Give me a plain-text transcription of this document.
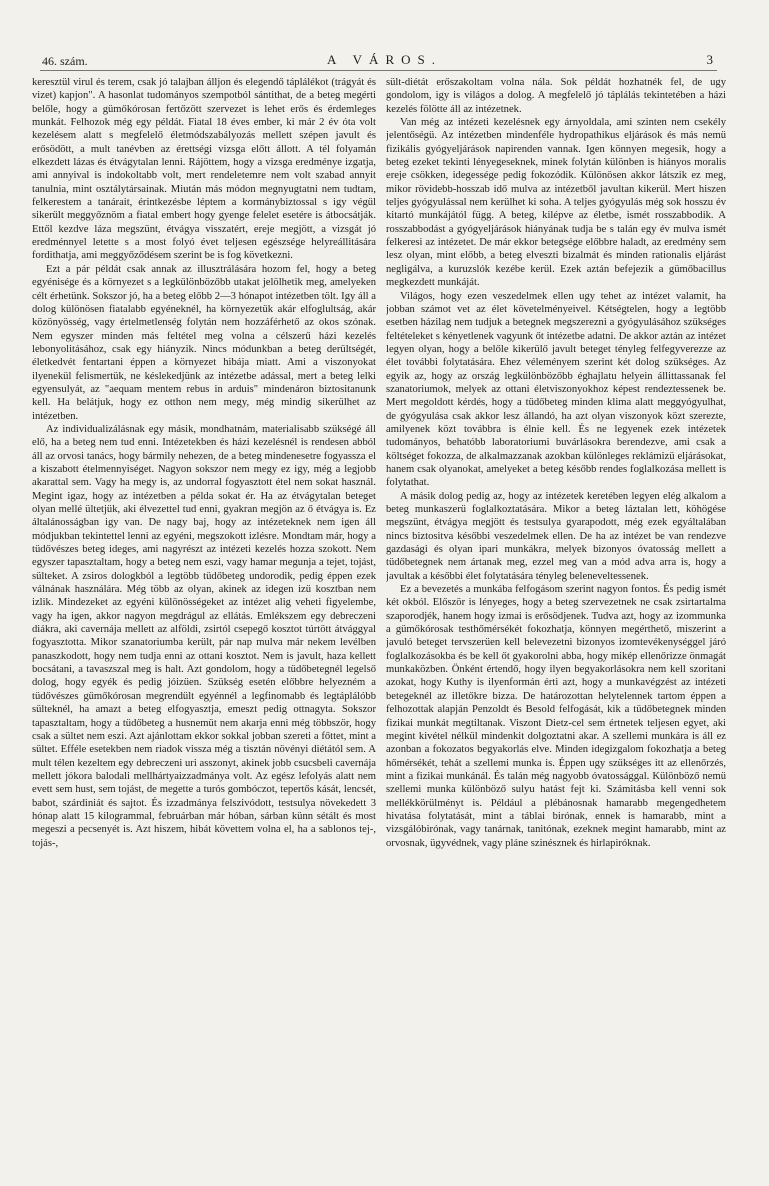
46. szám.	A VÁROS.	3

keresztül virul és terem, csak jó talajban álljon és elegendő táplálékot (trágyát és vizet) kapjon". A hasonlat tudományos szempotból sántithat, de a beteg megérti belőle, hogy a gümőkórosan fertőzött szervezet is lehet erős és érdemleges munkát. Felhozok még egy példát. Fiatal 18 éves ember, ki már 2 év óta volt kezelésem alatt s megfelelő életmódszabályozás mellett szépen javult és erősödött, a mult tanévben az érettségi vizsga előtt állott. A tél folyamán elkezdett lázas és étvágytalan lenni. Rájöttem, hogy a vizsga eredménye izgatja, ami annyival is indokoltabb volt, mert rendeletemre nem volt szabad annyit tanulnia, mint osztálytársainak. Miután más módon megnyugtatni nem tudtam, felkerestem a tanárait, érintkezésbe léptem a kormánybiztossal s igy végül sikerült meggyőznöm a fiatal embert hogy gyenge felelet esetére is átbocsátják. Ettől kezdve láza megszünt, étvágya visszatért, ereje megjött, a vizsgát jó eredménnyel letette s a most folyó évet teljesen egészsége helyreállitására fordithatja, ami meggyőződésem szerint be is fog következni.

Ezt a pár példát csak annak az illusztrálására hozom fel, hogy a beteg egyénisége és a környezet s a legkülönbözőbb utakat jelölhetik meg, amelyeken célt érhetünk. Sokszor jó, ha a beteg előbb 2—3 hónapot intézetben tölt. Igy áll a dolog különösen fiatalabb egyéneknél, ha környezetük akár elfoglultság, akár közönyösség, vagy értelmetlenség folytán nem hozzáférhető az okos szónak. Nem egyszer minden más feltétel meg volna a célszerű házi kezelés lebonyolitásához, csak egy hiányzik. Nincs módunkban a beteg derültségét, életkedvét fentartani éppen a környezet hibája miatt. Ami a viszonyokat ilyenekül felismertük, ne késlekedjünk az intézetbe adással, mert a beteg lelki egyensulyát, az "aequam mentem rebus in arduis" mindenáron biztositanunk kell. Ha belátjuk, hogy ez otthon nem megy, még mindig sikerülhet az intézetben.

Az individualizálásnak egy másik, mondhatnám, materialisabb szükségé áll elő, ha a beteg nem tud enni. Intézetekben és házi kezelésnél is rendesen abból áll az orvosi tanács, hogy bármily nehezen, de a beteg mindenesetre fogyassza el a kiszabott ételmennyiséget. Nagyon sokszor nem megy ez igy, még a legjobb akarattal sem. Vagy ha megy is, az undorral fogyasztott étel nem sokat használ. Megint igaz, hogy az intézetben a példa sokat ér. Ha az étvágytalan beteget olyan mellé ültetjük, aki élvezettel tud enni, gyakran megjön az ő étvágya is. Ez általánosságban igy van. De nagy baj, hogy az intézeteknek nem igen áll módjukban tekintettel lenni az egyéni, megszokott izlésre. Mondtam már, hogy a tüdővészes beteg ideges, ami nagyrészt az intézeti kezelés hozza szokott. Nem egyszer tapasztaltam, hogy a beteg nem eszi, vagy hamar megunja a tejet, tojást, sülteket. A zsiros dologkból a legtöbb tüdőbeteg undorodik, pedig éppen ezek válnának használára. Még több az olyan, akinek az idegen izü kosztban nem izlik. Mindezeket az egyéni különösségeket az intézet alig veheti figyelembe, vagy ha igen, akkor nagyon megdrágul az ellátás. Emlékszem egy debreczeni diákra, aki cavernája mellett az alföldi, zsirtól csepegő kosztot túrtött átvággyal fogyasztotta. Mikor szanatoriumba került, pár nap mulva már nekem levélben panaszkodott, hogy nem tudja enni az ottani kosztot. Nem is javult, haza kellett bocsátani, a tavaszszal meg is halt. Azt gondolom, hogy a tüdőbetegnél legelső dolog, hogy egyék és pedig jóizüen. Szükség esetén előbbre helyezném a tüdővészes gümőkórosan megrendült egyénnél a legfinomabb és legtáplálóbb sülteknél, ha amazt a beteg elfogyasztja, emeszt pedig ottnagyta. Sokszor tapasztaltam, hogy a tüdőbeteg a husnemüt nem akarja enni még többször, hogy csak a sültet nem eszi. Azt ajánlottam ekkor sokkal jobban szereti a főttet, mint a sültet. Efféle esetekben nem riadok vissza még a tisztán növényi diétától sem. A mult télen kezeltem egy debreczeni uri asszonyt, akinek jobb csucsbeli cavernája mellett jókora balodali mellhártyaizzadmánya volt. Az egész lefolyás alatt nem evett sem hust, sem tojást, de megette a turós gombóczot, tepertős kását, lencsét, babot, szárdiniát és sajtot. És izzadmánya felszivódott, testsulya növekedett 3 hónap alatt 15 kilogrammal, februárban már hóban, sárban künn sétált és most megeszi a pecsenyét is. Azt hiszem, hibát követtem volna el, ha a sablonos tej-, tojás-,

sült-diétát erőszakoltam volna nála. Sok példát hozhatnék fel, de ugy gondolom, igy is világos a dolog. A megfelelő jó táplálás tekintetében a házi kezelés fölötte áll az intézetnek.

Van még az intézeti kezelésnek egy árnyoldala, ami szinten nem csekély jelentőségü. Az intézetben mindenféle hydropathikus eljárások és más nemü fizikális gyógyeljárások napirenden vannak. Igen könnyen megesik, hogy a beteg ezeket tekinti lényegeseknek, minek folytán különben is hiányos moralis ereje csökken, idegessége pedig fokozódik. Különösen akkor látszik ez meg, mikor rövidebb-hosszab idő mulva az intézetből javultan kikerül. Mert hiszen teljes gyógyulással nem kerülhet ki soha. A teljes gyógyulás még sok hosszu év kitartó munkájától függ. A beteg, kilépve az életbe, ismét rosszabbodik. A rosszabbodást a gyógyeljárások hiányának tudja be s talán egy év mulva ismét felkeresi az intézetet. De már ekkor betegsége előbbre haladt, az eredmény sem lesz olyan, mint előbb, a beteg elveszti bizalmát és minden rationalis eljárást negligálva, a kuruzslók kezébe kerül. Ezek aztán befejezik a gümőbacillus megkezdett munkáját.

Világos, hogy ezen veszedelmek ellen ugy tehet az intézet valamit, ha jobban számot vet az élet követelményeivel. Kétségtelen, hogy a legtöbb esetben házilag nem tudjuk a betegnek megszerezni a gyógyulásához szükséges feltételeket s kényetlenek vagyunk őt intézetbe adatni. De akkor aztán az intézet legyen olyan, hogy a belőle kikerülő javult beteget tényleg felfegyverezze az élet további folytatására. Ehez véleményem szerint két dolog szükséges. Az egyik az, hogy az ország legkülönbözőbb éghajlatu helyein állittassanak fel szanatoriumok, melyek az ottani életviszonyokhoz képest rendeztessenek be. Mert megoldott kérdés, hogy a tüdőbeteg minden klima alatt meggyógyulhat, de gyógyulása csak akkor lesz állandó, ha azt olyan viszonyok közt szerezte, amilyenek közt továbbra is élnie kell. És ne legyenek ezek intézetek tudományos, behatóbb laboratoriumi buvárlásokra berendezve, ami csak a költséget fokozza, de alkalmazzanak azokban különleges reklámizü eljárásokat, hanem csak olyanokat, amelyeket a beteg később rendes foglalkozása mellett is folytathat.

A másik dolog pedig az, hogy az intézetek keretében legyen elég alkalom a beteg munkaszerü foglalkoztatására. Mikor a beteg láztalan lett, köhögése megszünt, étvágya megjött és testsulya gyarapodott, még ezek egyáltalában nincs biztositva későbbi veszedelmek ellen. De ha az intézet be van rendezve gazdasági és olyan ipari munkákra, melyek bizonyos óvatosság mellett a tüdőbetegnek nem ártanak meg, ezzel meg van a mód adva arra is, hogy a javultak a későbbi élet folytatására tényleg beleneveltessenek.

Ez a bevezetés a munkába felfogásom szerint nagyon fontos. És pedig ismét két okból. Először is lényeges, hogy a beteg szervezetnek ne csak zsirtartalma szaporodjék, hanem hogy izmai is erősödjenek. Tudva azt, hogy az izommunka a gümőkórosak testhőmérsékét fokozhatja, könnyen megérthető, miszerint a javuló beteget tervszerüen kell belevezetni bizonyos izomtevékenységgel járó foglalkozásokba és be kell őt gyakorolni abba, hogy mikép ellenőrizze önmagát munkaközben. Önként értendő, hogy ilyen begyakorlásokra nem kell szoritani azokat, hogy Kuthy is ilyenformán érti azt, hogy a munkavégzést az intézeti betegeknél az illetőkre bizza. De határozottan helytelennek tartom éppen a felhozottak alapján Penzoldt és Besold felfogását, kik a tüdőbetegnek minden fizikai munkát megtiltanak. Viszont Dietz-cel sem értnetek teljesen egyet, aki megint kivétel nélkül mindenkit dolgoztatni akar. A szellemi munkára is áll ez azonban a fokozatos begyakorlás elve. Minden idegizgalom fokozhatja a beteg hőmérsékét, tehát a szellemi munka is. Éppen ugy szükséges itt az ellenőrzés, mint a fizikai munkánál. És talán még nagyobb óvatossággal. Különböző nemü szellemi munka különböző sulyu hatást fejt ki. Számitásba kell venni sok mellékkörülményt is. Például a plébánosnak hamarabb megengedhetem hivatása folytatását, mint a táblai birónak, ennek is hamarabb, mint a vizsgálóbirónak, vagy tanárnak, tanitónak, ezeknek megint hamarabb, mint az orvosnak, ügyvédnek, vagy pláne szinésznek és hirlapiróknak.
